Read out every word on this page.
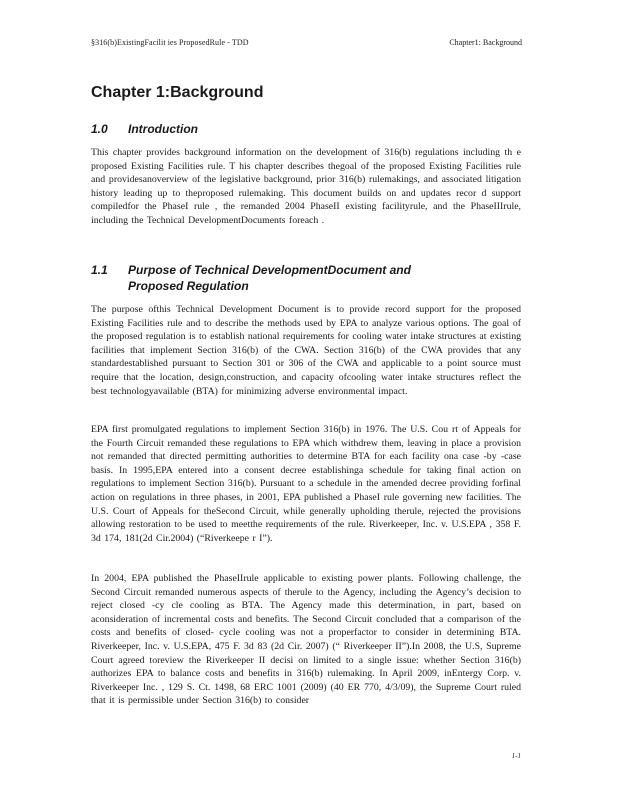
§316(b)ExistingFacilit ies ProposedRule - TDD	Chapter1: Background
Chapter 1:Background
1.0 Introduction
This chapter provides background information on the development of 316(b) regulations including th e proposed Existing Facilities rule. T his chapter describes thegoal of the proposed Existing Facilities rule and providesanoverview of the legislative background, prior 316(b) rulemakings, and associated litigation history leading up to theproposed rulemaking. This document builds on and updates recor d support compiledfor the PhaseI rule , the remanded 2004 PhaseII existing facilityrule, and the PhaseIIIrule, including the Technical DevelopmentDocuments foreach .
1.1 Purpose of Technical DevelopmentDocument and
Proposed Regulation
The purpose ofthis Technical Development Document is to provide record support for the proposed Existing Facilities rule and to describe the methods used by EPA to analyze various options. The goal of the proposed regulation is to establish national requirements for cooling water intake structures at existing facilities that implement Section 316(b) of the CWA. Section 316(b) of the CWA provides that any standardestablished pursuant to Section 301 or 306 of the CWA and applicable to a point source must require that the location, design,construction, and capacity ofcooling water intake structures reflect the best technologyavailable (BTA) for minimizing adverse environmental impact.
EPA first promulgated regulations to implement Section 316(b) in 1976. The U.S. Cou rt of Appeals for the Fourth Circuit remanded these regulations to EPA which withdrew them, leaving in place a provision not remanded that directed permitting authorities to determine BTA for each facility ona case -by -case basis. In 1995,EPA entered into a consent decree establishinga schedule for taking final action on regulations to implement Section 316(b). Pursuant to a schedule in the amended decree providing forfinal action on regulations in three phases, in 2001, EPA published a PhaseI rule governing new facilities. The U.S. Court of Appeals for theSecond Circuit, while generally upholding therule, rejected the provisions allowing restoration to be used to meetthe requirements of the rule. Riverkeeper, Inc. v. U.S.EPA , 358 F. 3d 174, 181(2d Cir.2004) (“Riverkeepe r I”).
In 2004, EPA published the PhaseIIrule applicable to existing power plants. Following challenge, the Second Circuit remanded numerous aspects of therule to the Agency, including the Agency’s decision to reject closed -cy cle cooling as BTA. The Agency made this determination, in part, based on aconsideration of incremental costs and benefits. The Second Circuit concluded that a comparison of the costs and benefits of closed- cycle cooling was not a properfactor to consider in determining BTA. Riverkeeper, Inc. v. U.S.EPA, 475 F. 3d 83 (2d Cir. 2007) (“ Riverkeeper II”).In 2008, the U.S, Supreme Court agreed toreview the Riverkeeper II decisi on limited to a single issue: whether Section 316(b) authorizes EPA to balance costs and benefits in 316(b) rulemaking. In April 2009, inEntergy Corp. v. Riverkeeper Inc. , 129 S. Ct. 1498, 68 ERC 1001 (2009) (40 ER 770, 4/3/09), the Supreme Court ruled that it is permissible under Section 316(b) to consider
1-1
